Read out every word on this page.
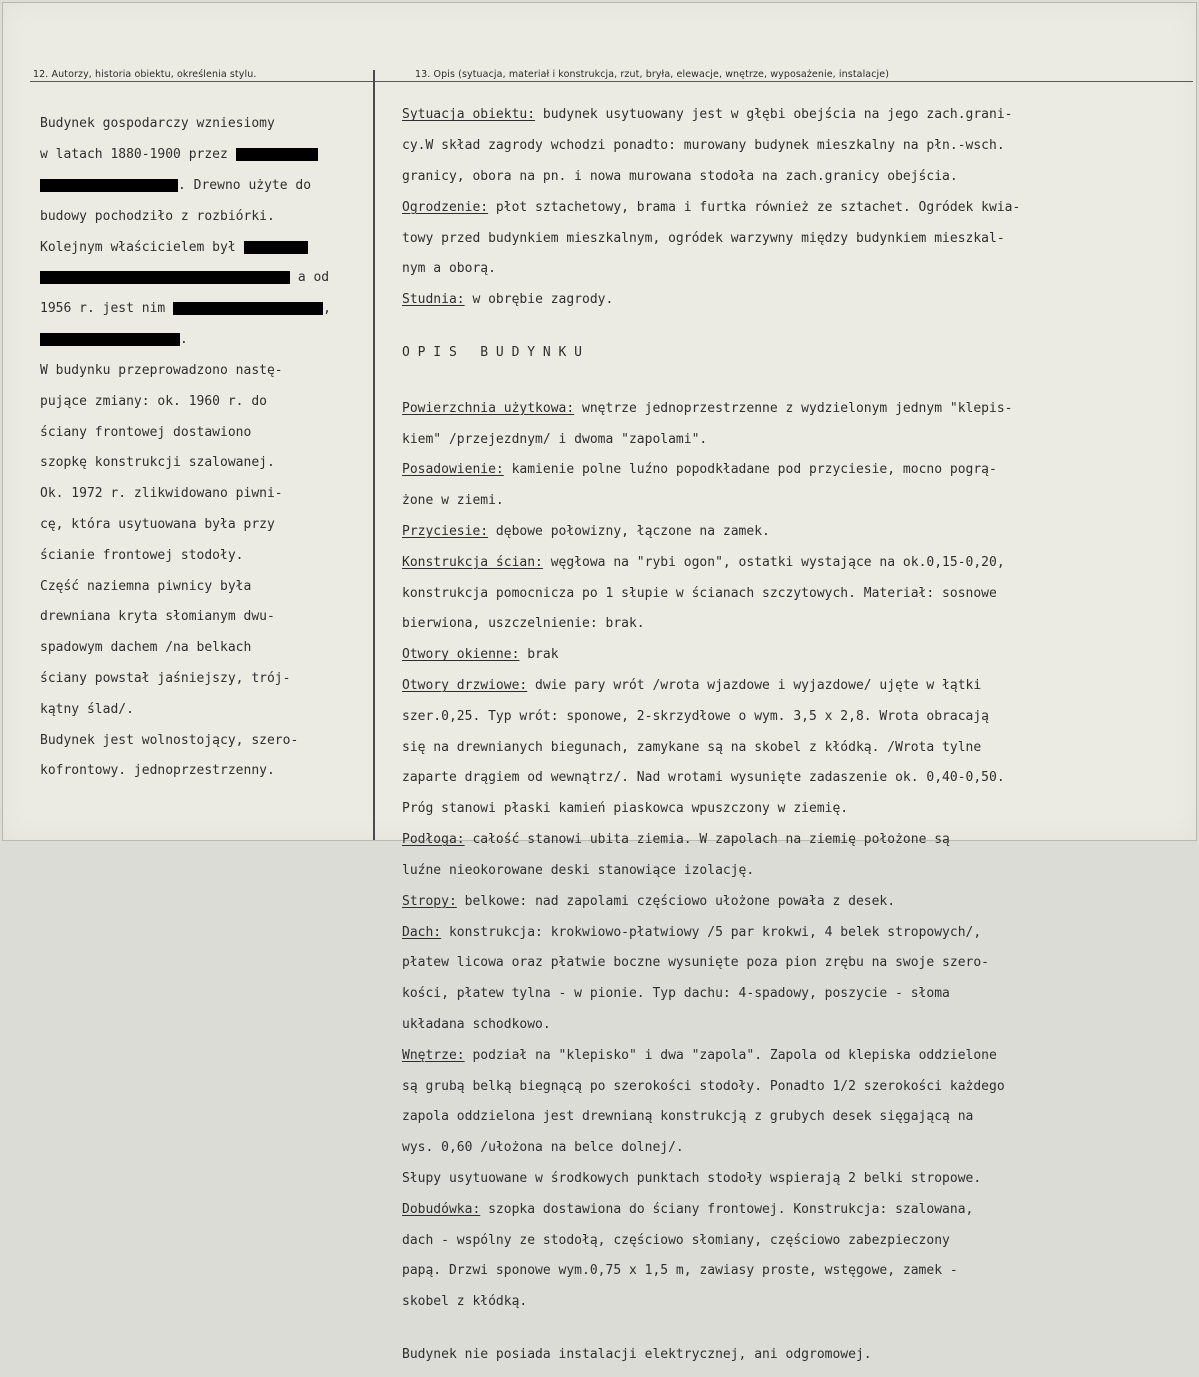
12. Autorzy, historia obiektu, określenia stylu.	13. Opis (sytuacja, materiał i konstrukcja, rzut, bryła, elewacje, wnętrze, wyposażenie, instalacje)

Budynek gospodarczy wzniesiomy

w latach 1880-1900 przez

. Drewno użyte do

budowy pochodziło z rozbiórki.

Kolejnym właścicielem był

a od

1956 r. jest nim	,

.

W budynku przeprowadzono nastę-

pujące zmiany: ok. 1960 r. do

ściany frontowej dostawiono

szopkę konstrukcji szalowanej.

Ok. 1972 r. zlikwidowano piwni-

cę, która usytuowana była przy

ścianie frontowej stodoły.

Część naziemna piwnicy była

drewniana kryta słomianym dwu-

spadowym dachem /na belkach

ściany powstał jaśniejszy, trój-

kątny ślad/.

Budynek jest wolnostojący, szero-

kofrontowy. jednoprzestrzenny.

Sytuacja obiektu: budynek usytuowany jest w głębi obejścia na jego zach.grani-

cy.W skład zagrody wchodzi ponadto: murowany budynek mieszkalny na płn.-wsch.

granicy, obora na pn. i nowa murowana stodoła na zach.granicy obejścia.

Ogrodzenie: płot sztachetowy, brama i furtka również ze sztachet. Ogródek kwia-

towy przed budynkiem mieszkalnym, ogródek warzywny między budynkiem mieszkal-

nym a oborą.

Studnia: w obrębie zagrody.

O P I S   B U D Y N K U

Powierzchnia użytkowa: wnętrze jednoprzestrzenne z wydzielonym jednym "klepis-

kiem" /przejezdnym/ i dwoma "zapolami".

Posadowienie: kamienie polne luźno popodkładane pod przyciesie, mocno pogrą-

żone w ziemi.

Przyciesie: dębowe połowizny, łączone na zamek.

Konstrukcja ścian: węgłowa na "rybi ogon", ostatki wystające na ok.0,15-0,20,

konstrukcja pomocnicza po 1 słupie w ścianach szczytowych. Materiał: sosnowe

bierwiona, uszczelnienie: brak.

Otwory okienne: brak

Otwory drzwiowe: dwie pary wrót /wrota wjazdowe i wyjazdowe/ ujęte w łątki

szer.0,25. Typ wrót: sponowe, 2-skrzydłowe o wym. 3,5 x 2,8. Wrota obracają

się na drewnianych biegunach, zamykane są na skobel z kłódką. /Wrota tylne

zaparte drągiem od wewnątrz/. Nad wrotami wysunięte zadaszenie ok. 0,40-0,50.

Próg stanowi płaski kamień piaskowca wpuszczony w ziemię.

Podłoga: całość stanowi ubita ziemia. W zapolach na ziemię położone są

luźne nieokorowane deski stanowiące izolację.

Stropy: belkowe: nad zapolami częściowo ułożone powała z desek.

Dach: konstrukcja: krokwiowo-płatwiowy /5 par krokwi, 4 belek stropowych/,

płatew licowa oraz płatwie boczne wysunięte poza pion zrębu na swoje szero-

kości, płatew tylna - w pionie. Typ dachu: 4-spadowy, poszycie - słoma

układana schodkowo.

Wnętrze: podział na "klepisko" i dwa "zapola". Zapola od klepiska oddzielone

są grubą belką biegnącą po szerokości stodoły. Ponadto 1/2 szerokości każdego

zapola oddzielona jest drewnianą konstrukcją z grubych desek sięgającą na

wys. 0,60 /ułożona na belce dolnej/.

Słupy usytuowane w środkowych punktach stodoły wspierają 2 belki stropowe.

Dobudówka: szopka dostawiona do ściany frontowej. Konstrukcja: szalowana,

dach - wspólny ze stodołą, częściowo słomiany, częściowo zabezpieczony

papą. Drzwi sponowe wym.0,75 x 1,5 m, zawiasy proste, wstęgowe, zamek -

skobel z kłódką.

Budynek nie posiada instalacji elektrycznej, ani odgromowej.
